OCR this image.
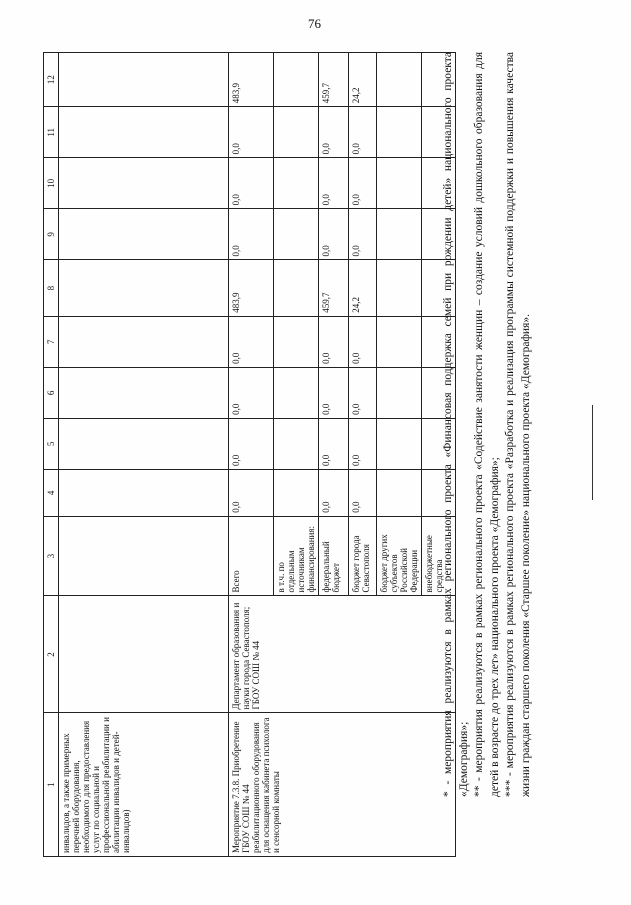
76
1	2	3	4	5	6	7	8	9	10	11	12
инвалидов, а также примерных перечней оборудования, необходимого для предоставления услуг по социальной и профессиональной реабилитации и абилитации инвалидов и детей-инвалидов)											
Мероприятие 7.3.8. Приобретение ГБОУ СОШ № 44 реабилитационного оборудования для оснащения кабинета психолога и сенсорной комнаты	Департамент образования и науки города Севастополя; ГБОУ СОШ № 44	Всего	0,0	0,0	0,0	0,0	483,9	0,0	0,0	0,0	483,9
		в т.ч. по отдельным источникам финансирования:									
		федеральный бюджет	0,0	0,0	0,0	0,0	459,7	0,0	0,0	0,0	459,7
		бюджет города Севастополя	0,0	0,0	0,0	0,0	24,2	0,0	0,0	0,0	24,2
		бюджет других субъектов Российской Федерации									
		внебюджетные средства									

* - мероприятия реализуются в рамках регионального проекта «Финансовая поддержка семей при рождении детей» национального проекта «Демография»; ** - мероприятия реализуются в рамках регионального проекта «Содействие занятости женщин – создание условий дошкольного образования для детей в возрасте до трех лет» национального проекта «Демография»; *** - мероприятия реализуются в рамках регионального проекта «Разработка и реализация программы системной поддержки и повышения качества жизни граждан старшего поколения «Старшее поколение» национального проекта «Демография».
